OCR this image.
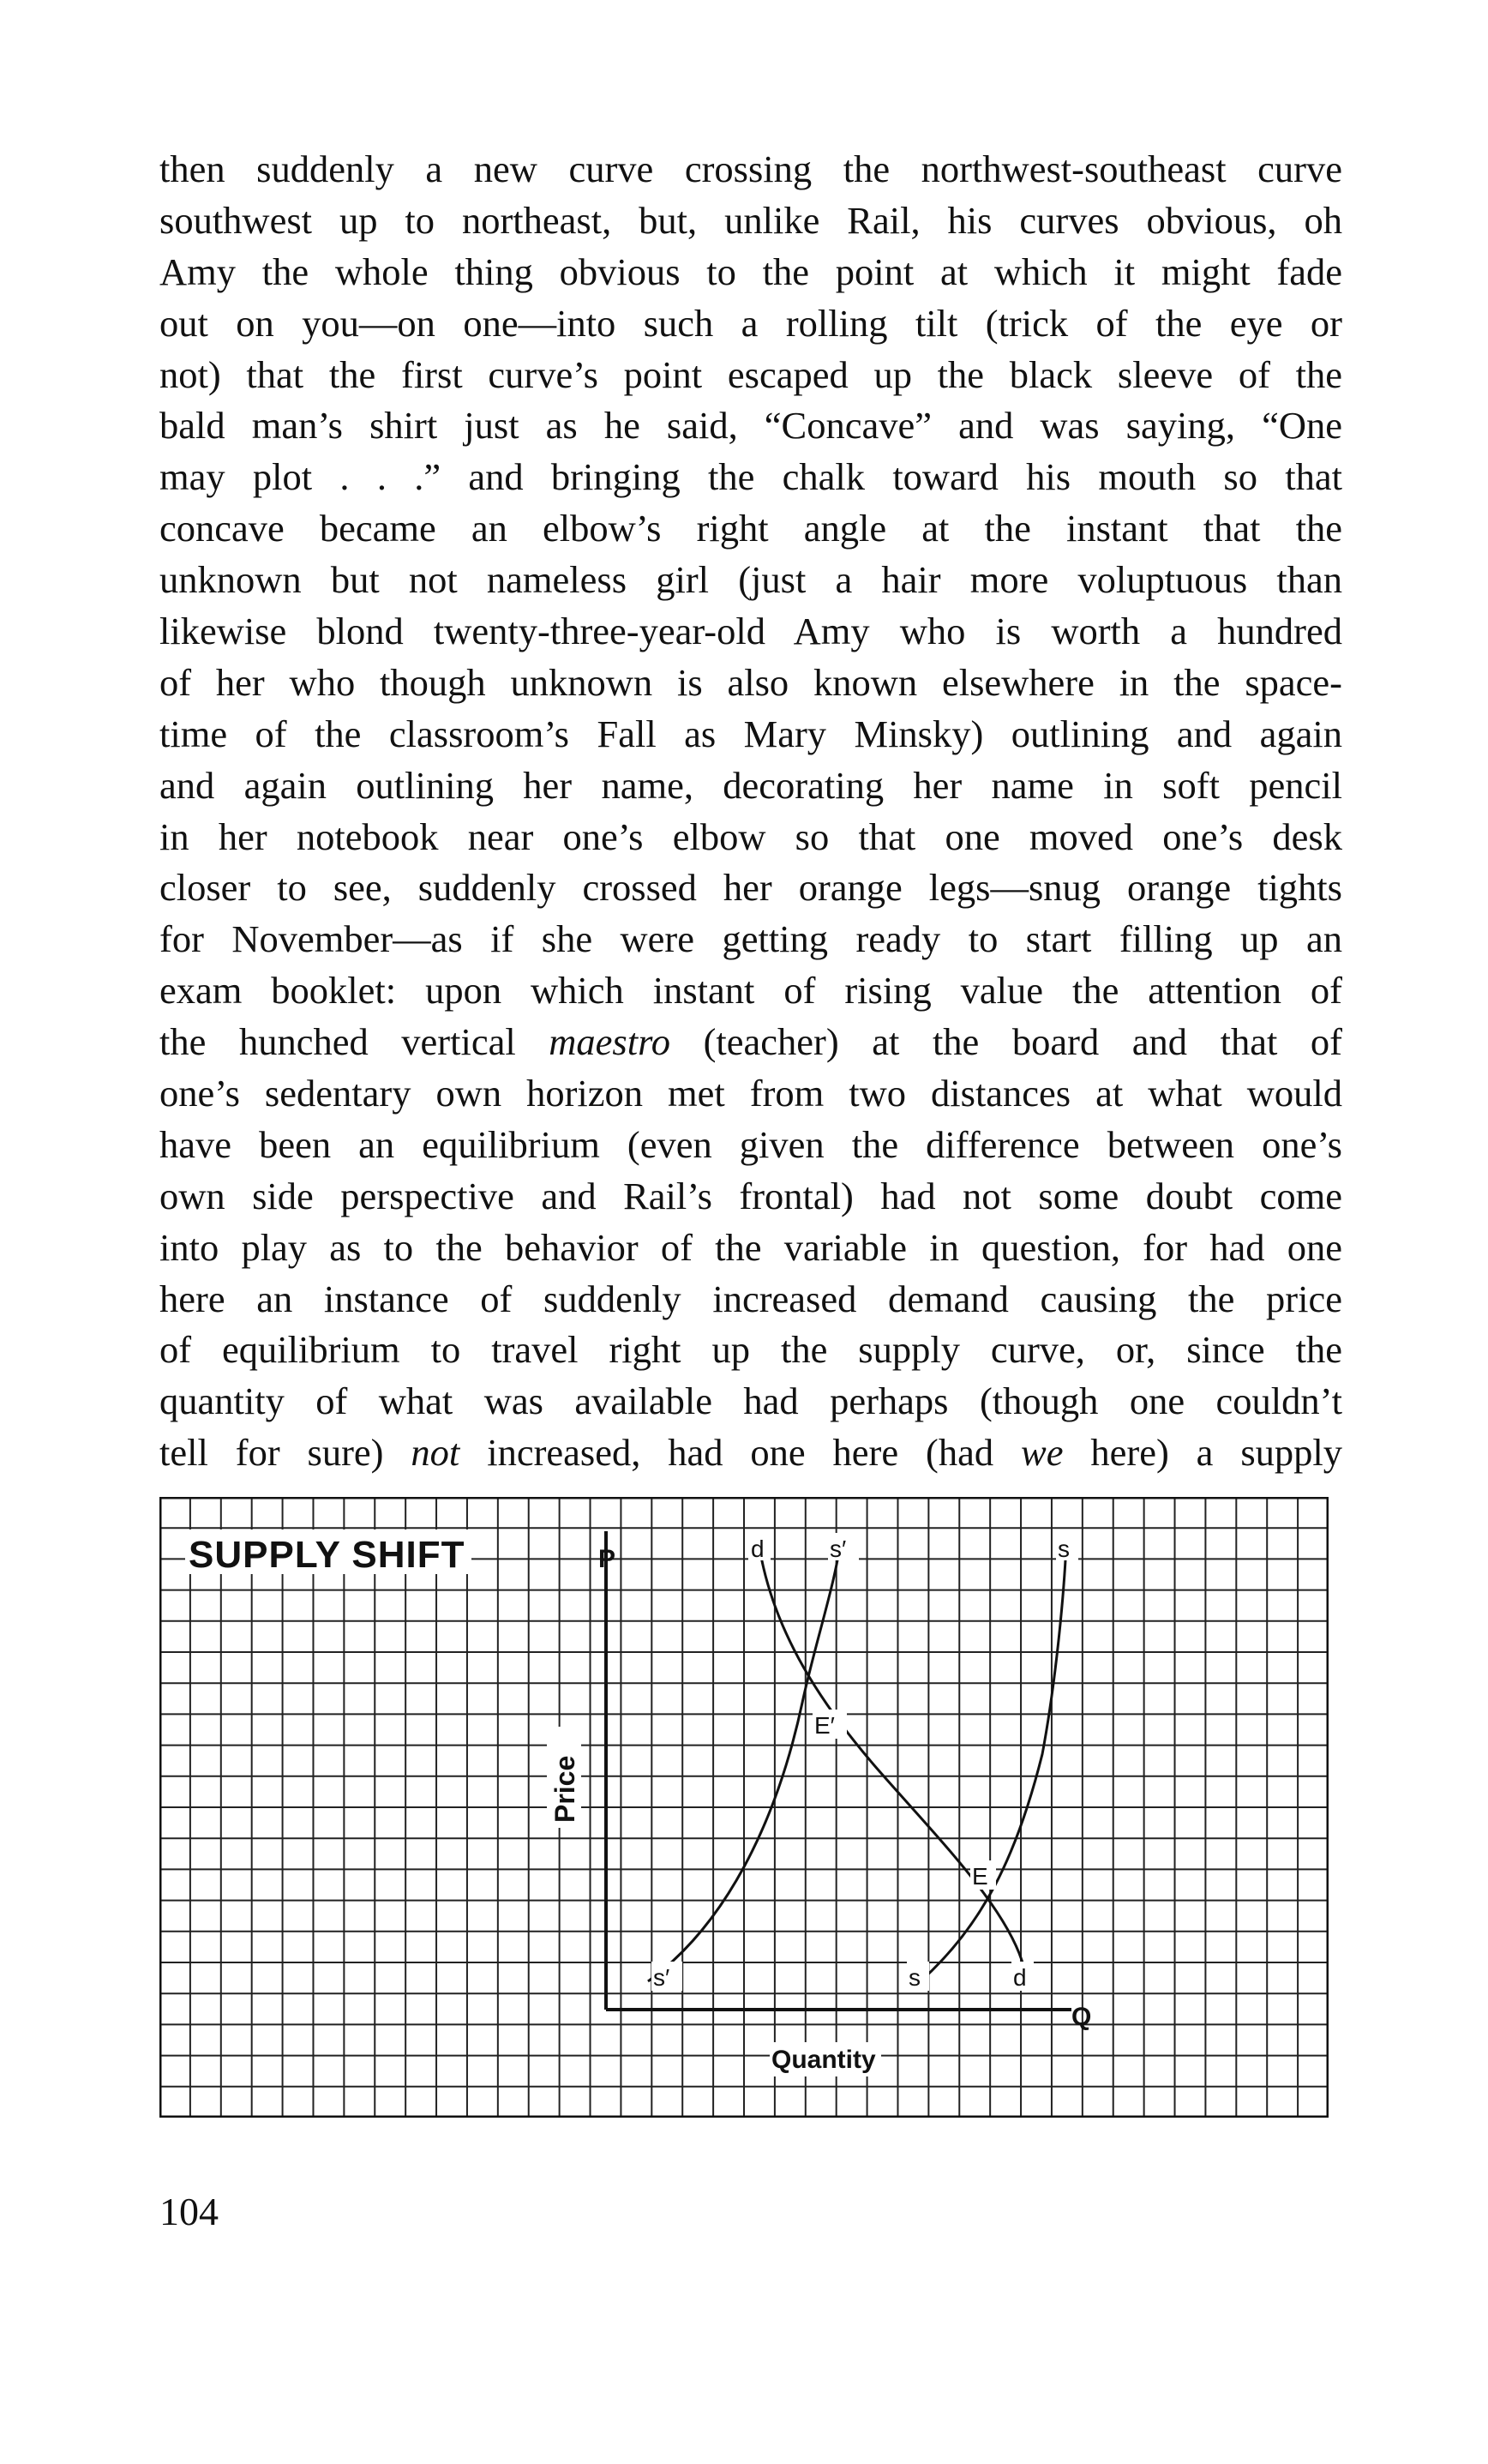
then suddenly a new curve crossing the northwest-southeast curve
southwest up to northeast, but, unlike Rail, his curves obvious, oh
Amy the whole thing obvious to the point at which it might fade
out on you—on one—into such a rolling tilt (trick of the eye or
not) that the first curve’s point escaped up the black sleeve of the
bald man’s shirt just as he said, “Concave” and was saying, “One
may plot . . .” and bringing the chalk toward his mouth so that
concave became an elbow’s right angle at the instant that the
unknown but not nameless girl (just a hair more voluptuous than
likewise blond twenty-three-year-old Amy who is worth a hundred
of her who though unknown is also known elsewhere in the space-
time of the classroom’s Fall as Mary Minsky) outlining and again
and again outlining her name, decorating her name in soft pencil
in her notebook near one’s elbow so that one moved one’s desk
closer to see, suddenly crossed her orange legs—snug orange tights
for November—as if she were getting ready to start filling up an
exam booklet: upon which instant of rising value the attention of
the hunched vertical maestro (teacher) at the board and that of
one’s sedentary own horizon met from two distances at what would
have been an equilibrium (even given the difference between one’s
own side perspective and Rail’s frontal) had not some doubt come
into play as to the behavior of the variable in question, for had one
here an instance of suddenly increased demand causing the price
of equilibrium to travel right up the supply curve, or, since the
quantity of what was available had perhaps (though one couldn’t
tell for sure) not increased, had one here (had we here) a supply
SUPPLY SHIFT	P
Q
Price
Quantity
d	s′	s
s′	s	d
E′
E
104
